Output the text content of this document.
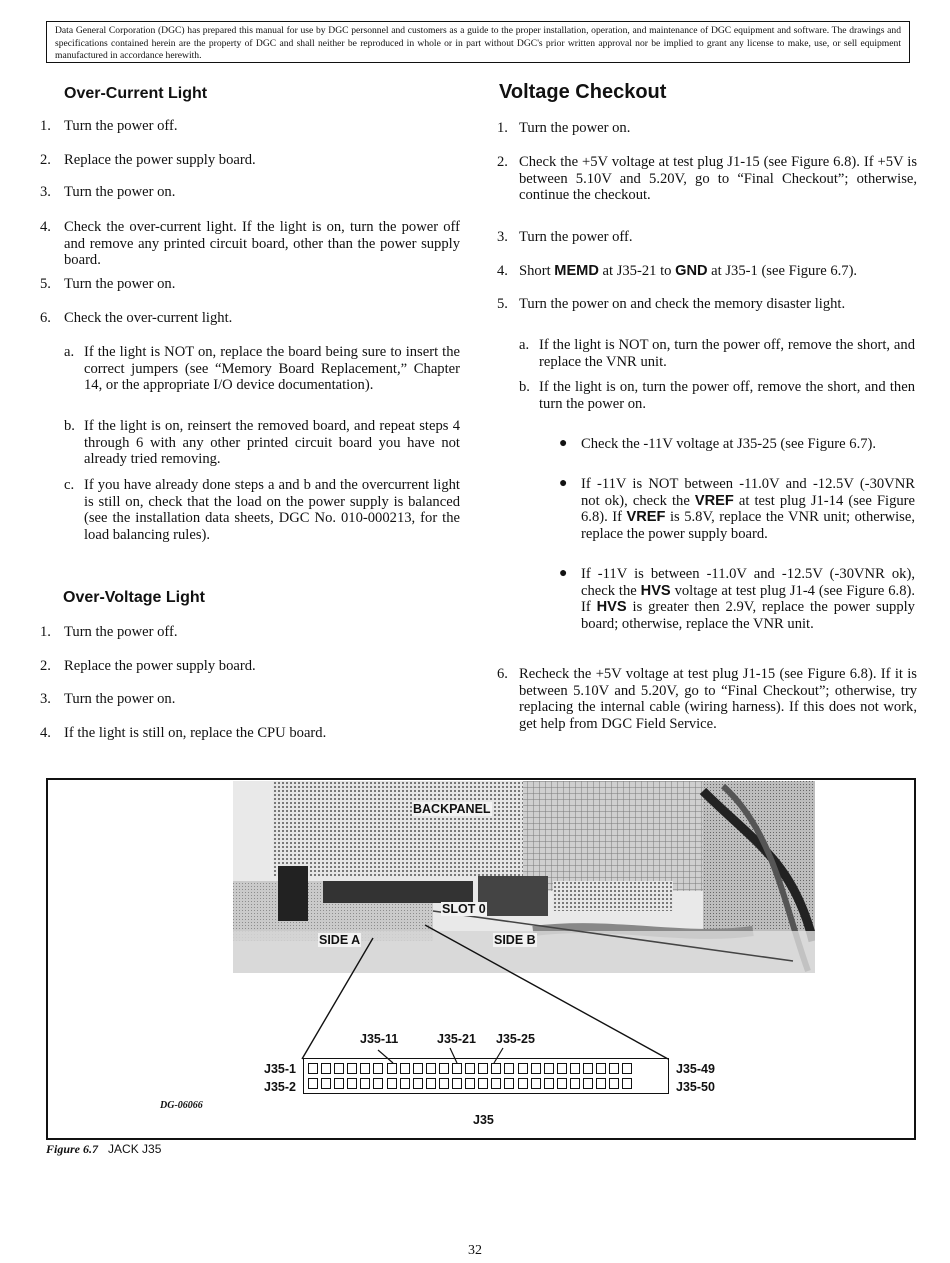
Data General Corporation (DGC) has prepared this manual for use by DGC personnel and customers as a guide to the proper installation, operation, and maintenance of DGC equipment and software. The drawings and specifications contained herein are the property of DGC and shall neither be reproduced in whole or in part without DGC's prior written approval nor be implied to grant any license to make, use, or sell equipment manufactured in accordance herewith.
Over-Current Light
1. Turn the power off.
2. Replace the power supply board.
3. Turn the power on.
4. Check the over-current light. If the light is on, turn the power off and remove any printed circuit board, other than the power supply board.
5. Turn the power on.
6. Check the over-current light.
a. If the light is NOT on, replace the board being sure to insert the correct jumpers (see “Memory Board Replacement,” Chapter 14, or the appropriate I/O device documentation).
b. If the light is on, reinsert the removed board, and repeat steps 4 through 6 with any other printed circuit board you have not already tried removing.
c. If you have already done steps a and b and the overcurrent light is still on, check that the load on the power supply is balanced (see the installation data sheets, DGC No. 010-000213, for the load balancing rules).
Over-Voltage Light
1. Turn the power off.
2. Replace the power supply board.
3. Turn the power on.
4. If the light is still on, replace the CPU board.
Voltage Checkout
1. Turn the power on.
2. Check the +5V voltage at test plug J1-15 (see Figure 6.8). If +5V is between 5.10V and 5.20V, go to “Final Checkout”; otherwise, continue the checkout.
3. Turn the power off.
4. Short MEMD at J35-21 to GND at J35-1 (see Figure 6.7).
5. Turn the power on and check the memory disaster light.
a. If the light is NOT on, turn the power off, remove the short, and replace the VNR unit.
b. If the light is on, turn the power off, remove the short, and then turn the power on.
● Check the -11V voltage at J35-25 (see Figure 6.7).
● If -11V is NOT between -11.0V and -12.5V (-30VNR not ok), check the VREF at test plug J1-14 (see Figure 6.8). If VREF is 5.8V, replace the VNR unit; otherwise, replace the power supply board.
● If -11V is between -11.0V and -12.5V (-30VNR ok), check the HVS voltage at test plug J1-4 (see Figure 6.8). If HVS is greater then 2.9V, replace the power supply board; otherwise, replace the VNR unit.
6. Recheck the +5V voltage at test plug J1-15 (see Figure 6.8). If it is between 5.10V and 5.20V, go to “Final Checkout”; otherwise, try replacing the internal cable (wiring harness). If this does not work, get help from DGC Field Service.
BACKPANEL
SLOT 0
SIDE A	SIDE B
J35-11	J35-21 J35-25
J35-1
J35-2
J35-49
J35-50
J35
DG-06066
Figure 6.7 JACK J35
32
